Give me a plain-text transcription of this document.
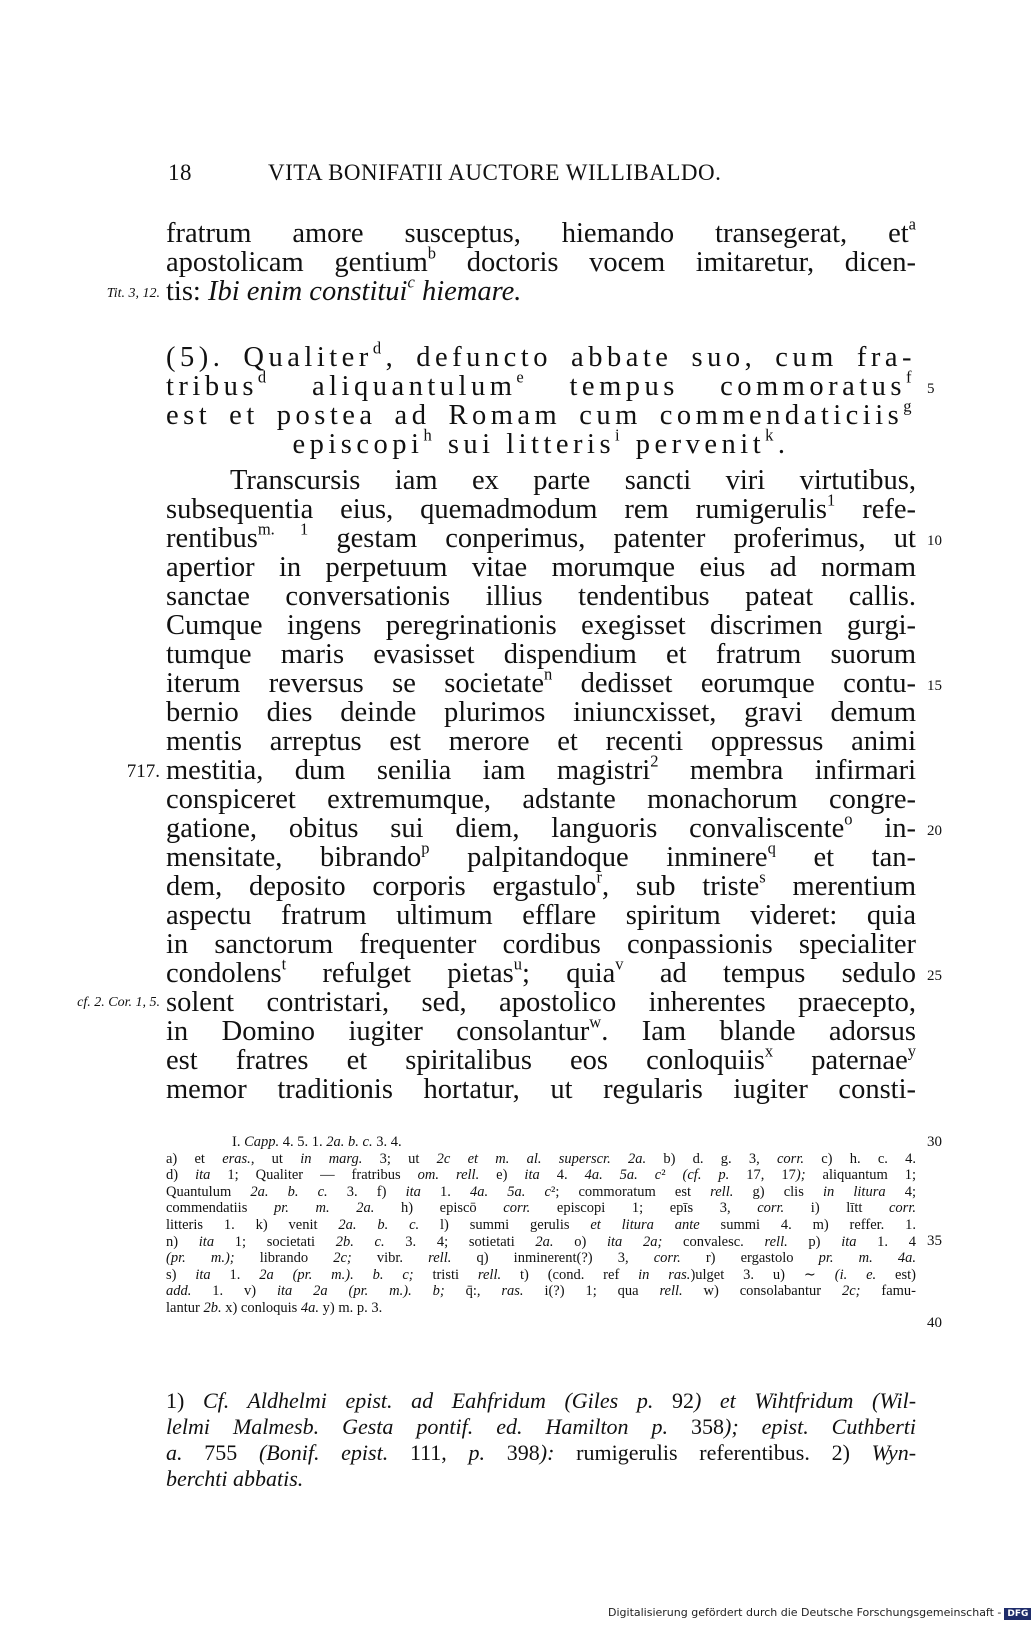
18	VITA BONIFATII AUCTORE WILLIBALDO.
fratrum amore susceptus, hiemando transegerat, $et^a$
apostolicam gentium$^b$ doctoris vocem imitaretur, dicen-
tis: Ibi enim constitui$^c$ hiemare.
(5). Qualiter$^d$, defuncto abbate suo, cum fra-
tribus$^d$ aliquantulum$^e$ tempus commoratus$^f$
est et postea ad Romam cum commendaticiis$^g$
episcopi$^h$ sui litteris$^i$ pervenit$^k$.
Transcursis iam ex parte sancti viri virtutibus,
subsequentia eius, quemadmodum rem rumigerulis$^1$ refe-
rentibus$^{m. 1}$ gestam conperimus, patenter proferimus, ut
apertior in perpetuum vitae morumque eius ad normam
sanctae conversationis illius tendentibus pateat callis.
Cumque ingens peregrinationis exegisset discrimen gurgi-
tumque maris evasisset dispendium et fratrum suorum
iterum reversus se societate$^n$ dedisset eorumque contu-
bernio dies deinde plurimos iniuncxisset, gravi demum
mentis arreptus est merore et recenti oppressus animi
mestitia, dum senilia iam magistri$^2$ membra infirmari
conspiceret extremumque, adstante monachorum congre-
gatione, obitus sui diem, languoris convaliscente$^o$ in-
mensitate, bibrando$^p$ palpitandoque inminere$^q$ et tan-
dem, deposito corporis ergastulo$^r$, sub triste$^s$ merentium
aspectu fratrum ultimum efflare spiritum videret: quia
in sanctorum frequenter cordibus conpassionis specialiter
condolens$^t$ refulget pietas$^u$; quia$^v$ ad tempus sedulo
solent contristari, sed, apostolico inherentes praecepto,
in Domino iugiter consolantur$^w$. Iam blande adorsus
est fratres et spiritalibus eos conloquiis$^x$ paternae$^y$
memor traditionis hortatur, ut regularis iugiter consti-
Tit. 3, 12.
717.
cf. 2. Cor. 1, 5.
5
10
15
20
25
30
35
40
I. Capp. 4. 5. 1. 2a. b. c. 3. 4.
a) et eras., ut in marg. 3; ut 2c et m. al. superscr. 2a. b) d. g. 3, corr. c) h. c. 4.
d) ita 1; Qualiter — fratribus om. rell. e) ita 4. 4a. 5a. c² (cf. p. 17, 17); aliquantum 1;
Quantulum 2a. b. c. 3. f) ita 1. 4a. 5a. c²; commoratum est rell. g) clis in litura 4;
commendatiis pr. m. 2a. h) episcō corr. episcopi 1; epīs 3, corr. i) lītt corr.
litteris 1. k) venit 2a. b. c. l) summi gerulis et litura ante summi 4. m) reffer. 1.
n) ita 1; societati 2b. c. 3. 4; sotietati 2a. o) ita 2a; convalesc. rell. p) ita 1. 4
(pr. m.); librando 2c; vibr. rell. q) inminerent(?) 3, corr. r) ergastolo pr. m. 4a.
s) ita 1. 2a (pr. m.). b. c; tristi rell. t) (cond. ref in ras.)ulget 3. u) ∼ (i. e. est)
add. 1. v) ita 2a (pr. m.). b; q̄:, ras. i(?) 1; qua rell. w) consolabantur 2c; famu-
lantur 2b. x) conloquis 4a. y) m. p. 3.
1) Cf. Aldhelmi epist. ad Eahfridum (Giles p. 92) et Wihtfridum (Wil-
lelmi Malmesb. Gesta pontif. ed. Hamilton p. 358); epist. Cuthberti
a. 755 (Bonif. epist. 111, p. 398): rumigerulis referentibus. 2) Wyn-
berchti abbatis.
Digitalisierung gefördert durch die Deutsche Forschungsgemeinschaft - DFG
